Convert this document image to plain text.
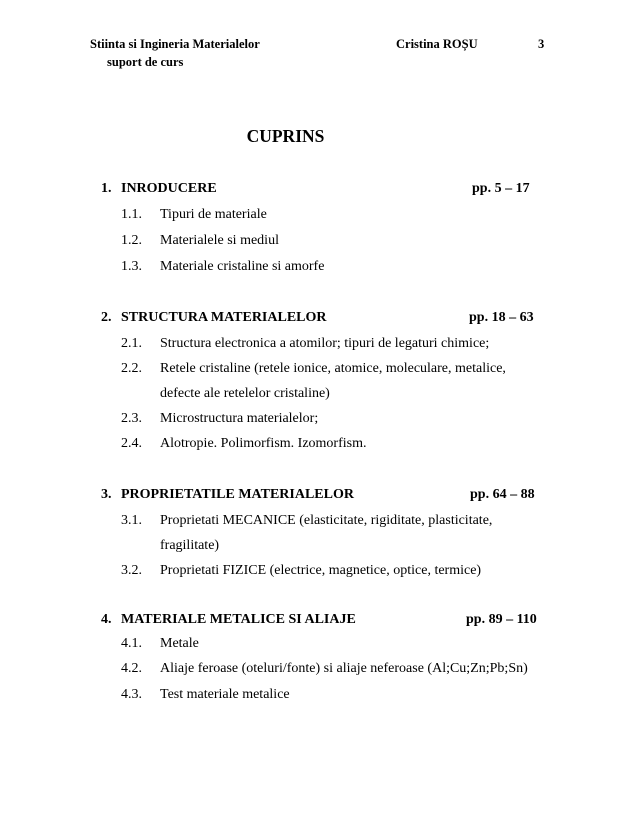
Stiinta si Ingineria Materialelor
suport de curs
Cristina ROȘU	3
CUPRINS
1. INRODUCERE	pp. 5 – 17
1.1. Tipuri de materiale
1.2. Materialele si mediul
1.3. Materiale cristaline si amorfe
2. STRUCTURA MATERIALELOR	pp. 18 – 63
2.1. Structura electronica a atomilor; tipuri de legaturi chimice;
2.2. Retele cristaline (retele ionice, atomice, moleculare, metalice,
defecte ale retelelor cristaline)
2.3. Microstructura materialelor;
2.4. Alotropie. Polimorfism. Izomorfism.
3. PROPRIETATILE MATERIALELOR	pp. 64 – 88
3.1. Proprietati MECANICE (elasticitate, rigiditate, plasticitate,
fragilitate)
3.2. Proprietati FIZICE (electrice, magnetice, optice, termice)
4. MATERIALE METALICE SI ALIAJE	pp. 89 – 110
4.1. Metale
4.2. Aliaje feroase (oteluri/fonte) si aliaje neferoase (Al;Cu;Zn;Pb;Sn)
4.3. Test materiale metalice
